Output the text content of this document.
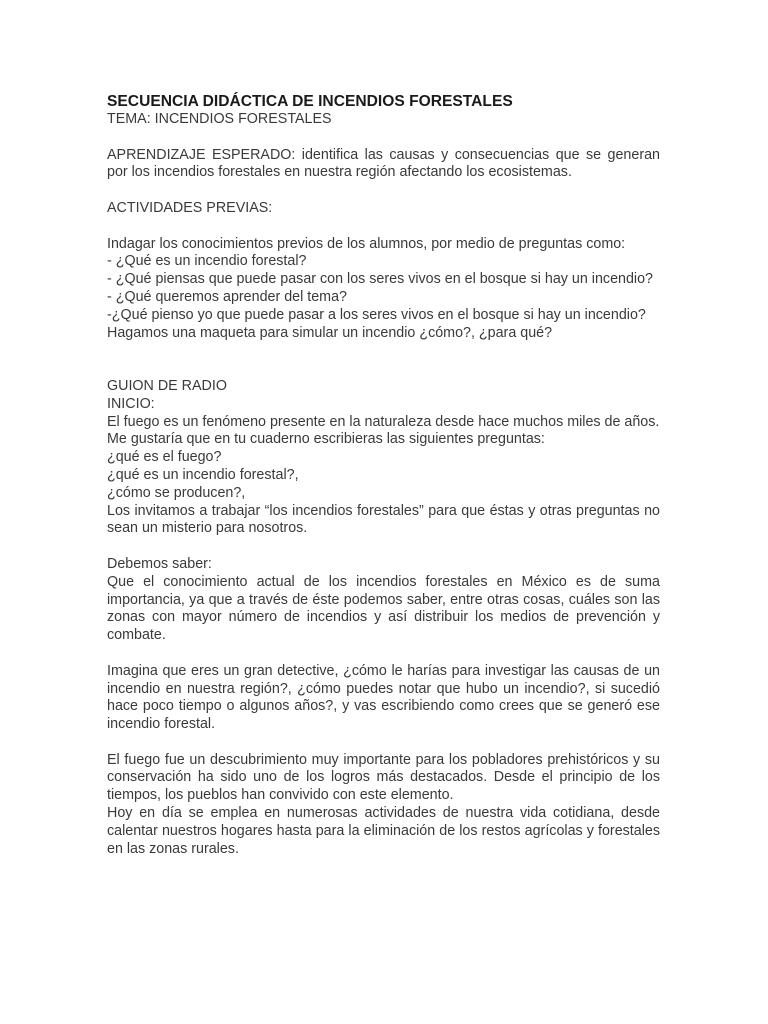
SECUENCIA DIDÁCTICA DE INCENDIOS FORESTALES

TEMA: INCENDIOS FORESTALES

APRENDIZAJE ESPERADO: identifica las causas y consecuencias que se generan por los incendios forestales en nuestra región afectando los ecosistemas.

ACTIVIDADES PREVIAS:

Indagar los conocimientos previos de los alumnos, por medio de preguntas como:

- ¿Qué es un incendio forestal?

- ¿Qué piensas que puede pasar con los seres vivos en el bosque si hay un incendio?

- ¿Qué queremos aprender del tema?

-¿Qué pienso yo que puede pasar a los seres vivos en el bosque si hay un incendio?

Hagamos una maqueta para simular un incendio ¿cómo?, ¿para qué?

GUION DE RADIO

INICIO:

El fuego es un fenómeno presente en la naturaleza desde hace muchos miles de años.

Me gustaría que en tu cuaderno escribieras las siguientes preguntas:

¿qué es el fuego?

¿qué es un incendio forestal?,

¿cómo se producen?,

Los invitamos a trabajar “los incendios forestales” para que éstas y otras preguntas no sean un misterio para nosotros.

Debemos saber:

Que el conocimiento actual de los incendios forestales en México es de suma importancia, ya que a través de éste podemos saber, entre otras cosas, cuáles son las zonas con mayor número de incendios y así distribuir los medios de prevención y combate.

Imagina que eres un gran detective, ¿cómo le harías para investigar las causas de un incendio en nuestra región?, ¿cómo puedes notar que hubo un incendio?, si sucedió hace poco tiempo o algunos años?, y vas escribiendo como crees que se generó ese incendio forestal.

El fuego fue un descubrimiento muy importante para los pobladores prehistóricos y su conservación ha sido uno de los logros más destacados. Desde el principio de los tiempos, los pueblos han convivido con este elemento.

Hoy en día se emplea en numerosas actividades de nuestra vida cotidiana, desde calentar nuestros hogares hasta para la eliminación de los restos agrícolas y forestales en las zonas rurales.
